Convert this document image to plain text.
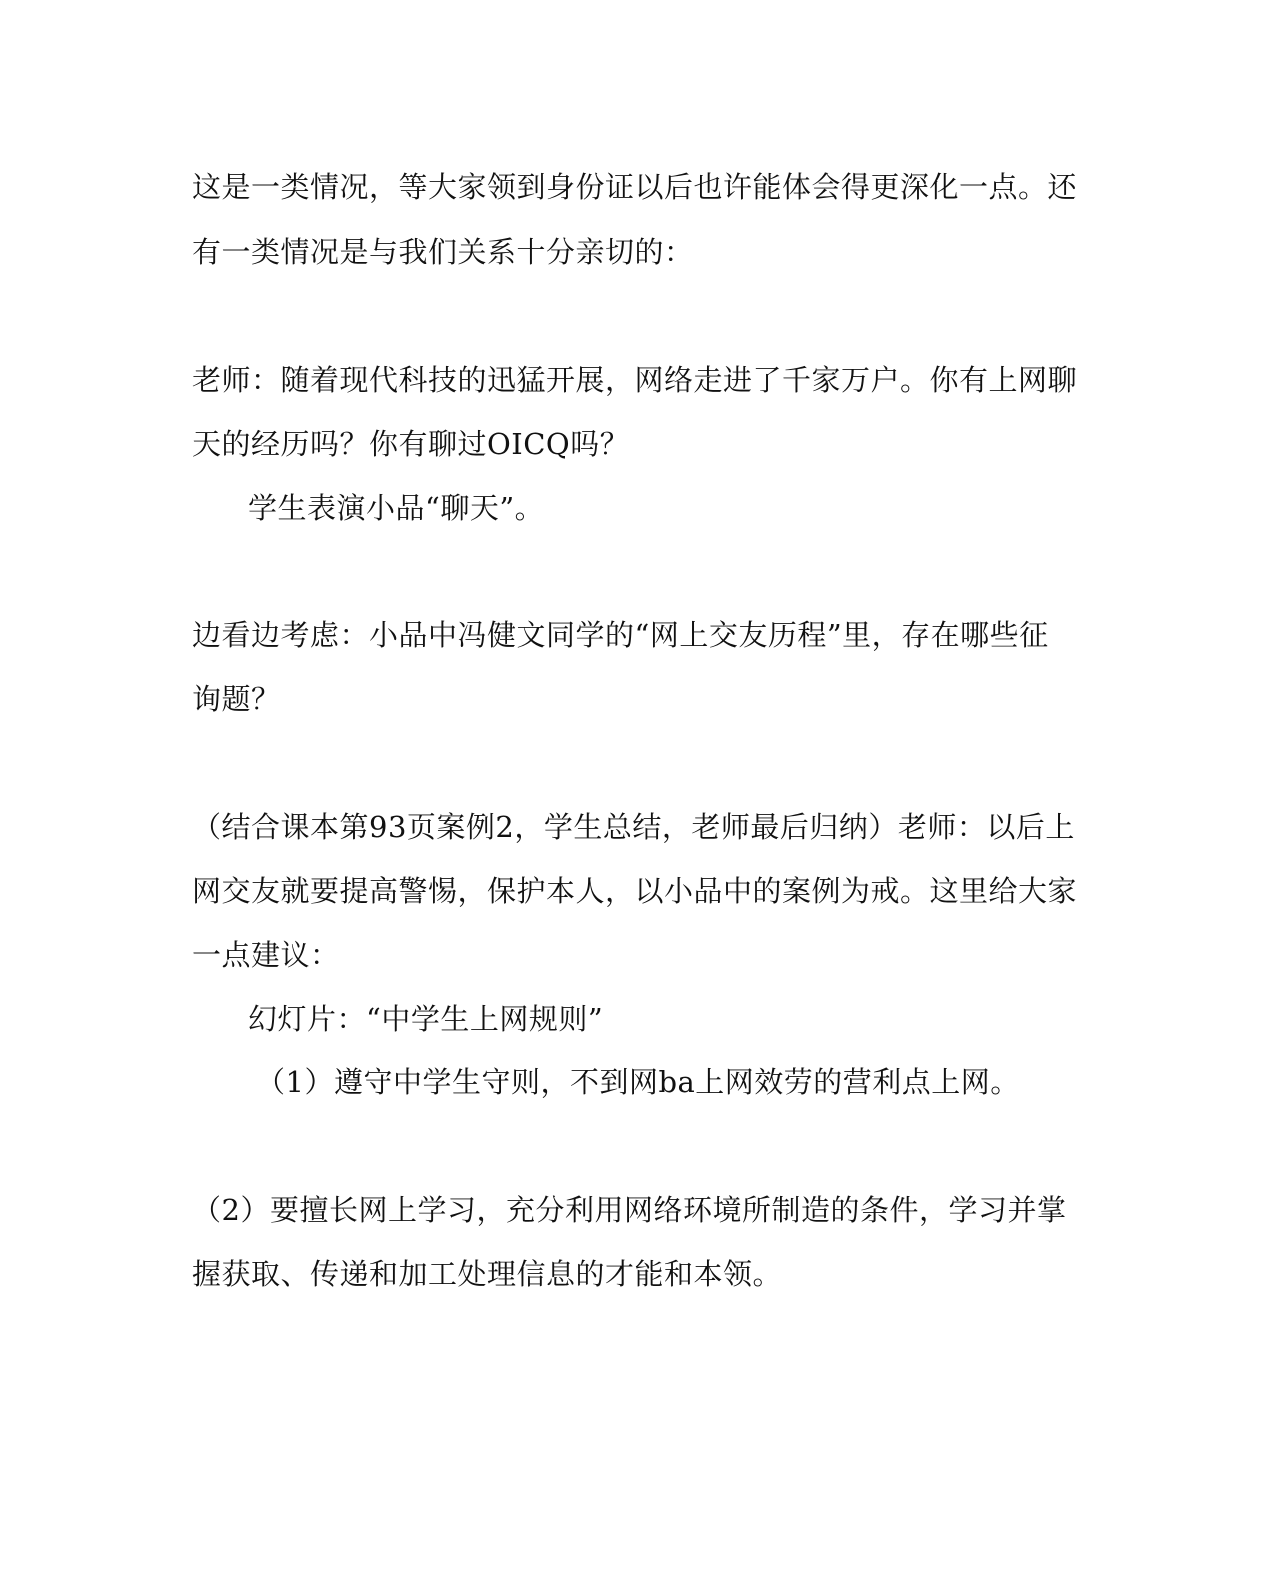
这是一类情况，等大家领到身份证以后也许能体会得更深化一点。还
有一类情况是与我们关系十分亲切的：
老师：随着现代科技的迅猛开展，网络走进了千家万户。你有上网聊
天的经历吗？你有聊过OICQ吗？
学生表演小品“聊天”。
边看边考虑：小品中冯健文同学的“网上交友历程”里，存在哪些征
询题？
（结合课本第93页案例2，学生总结，老师最后归纳）老师：以后上
网交友就要提高警惕，保护本人，以小品中的案例为戒。这里给大家
一点建议：
幻灯片：“中学生上网规则”
（1）遵守中学生守则，不到网ba上网效劳的营利点上网。
（2）要擅长网上学习，充分利用网络环境所制造的条件，学习并掌
握获取、传递和加工处理信息的才能和本领。
